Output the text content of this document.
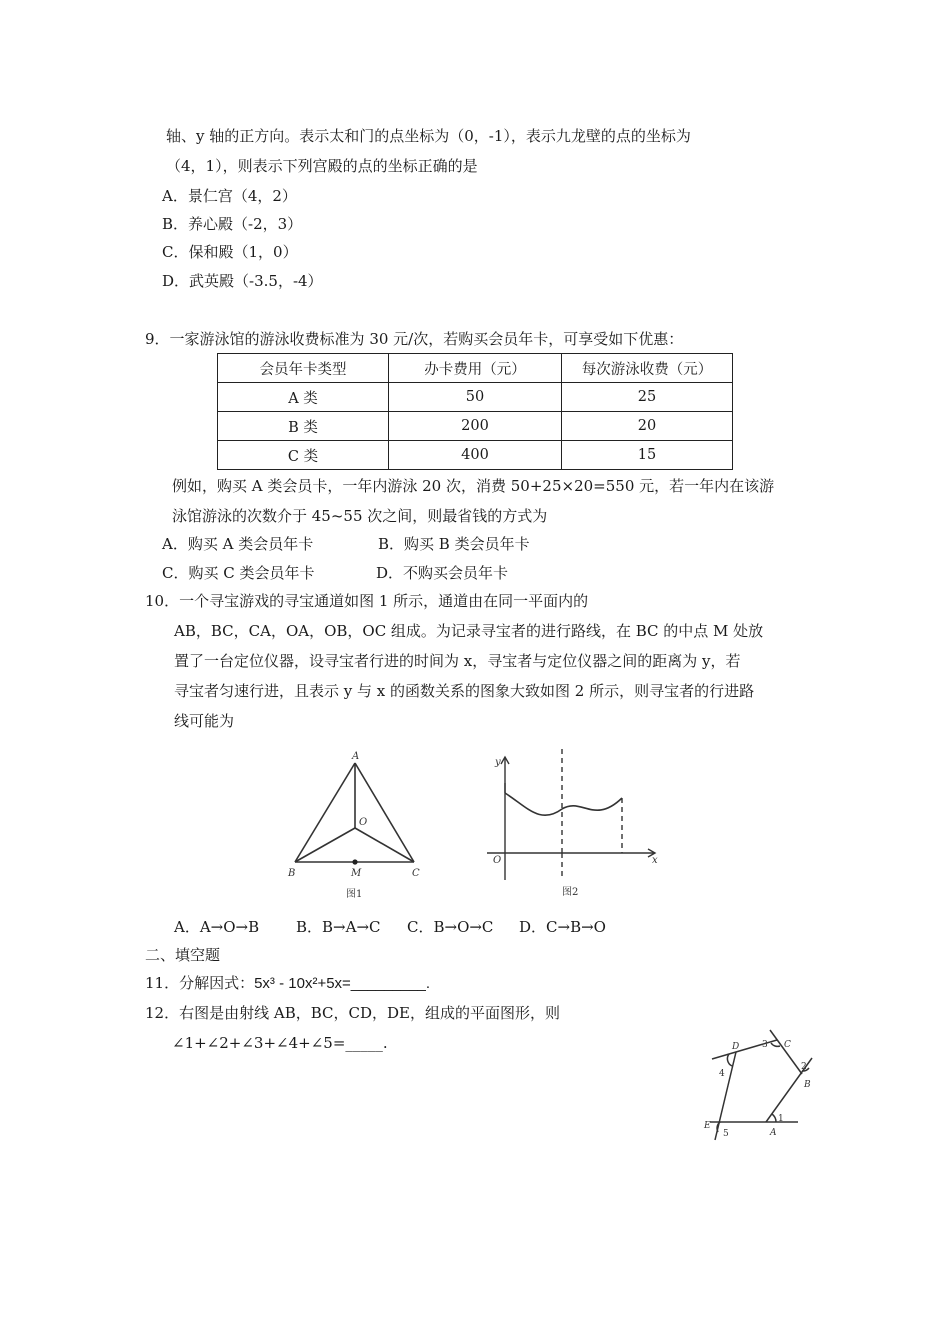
轴、y 轴的正方向。表示太和门的点坐标为（0，-1），表示九龙壁的点的坐标为
（4，1），则表示下列宫殿的点的坐标正确的是
A．景仁宫（4，2）
B．养心殿（-2，3）
C．保和殿（1，0）
D．武英殿（-3.5，-4）
9．一家游泳馆的游泳收费标准为 30 元/次，若购买会员年卡，可享受如下优惠：
会员年卡类型	办卡费用（元）	每次游泳收费（元）
A 类	50	25
B 类	200	20
C 类	400	15
例如，购买 A 类会员卡，一年内游泳 20 次，消费 50+25×20=550 元，若一年内在该游
泳馆游泳的次数介于 45~55 次之间，则最省钱的方式为
A．购买 A 类会员年卡	B．购买 B 类会员年卡
C．购买 C 类会员年卡	D．不购买会员年卡
10．一个寻宝游戏的寻宝通道如图 1 所示，通道由在同一平面内的
AB，BC，CA，OA，OB，OC 组成。为记录寻宝者的进行路线，在 BC 的中点 M 处放
置了一台定位仪器，设寻宝者行进的时间为 x，寻宝者与定位仪器之间的距离为 y，若
寻宝者匀速行进，且表示 y 与 x 的函数关系的图象大致如图 2 所示，则寻宝者的行进路
线可能为
A
O
B	M	C
图1
y
x
O
图2
A．A→O→B B．B→A→C C．B→O→C D．C→B→O
二、填空题
11．分解因式：5x³ - 10x²+5x=_________.
12．右图是由射线 AB，BC，CD，DE，组成的平面图形，则
∠1+∠2+∠3+∠4+∠5=_____.
1
2
3
4
5	A
B
C
D
E
